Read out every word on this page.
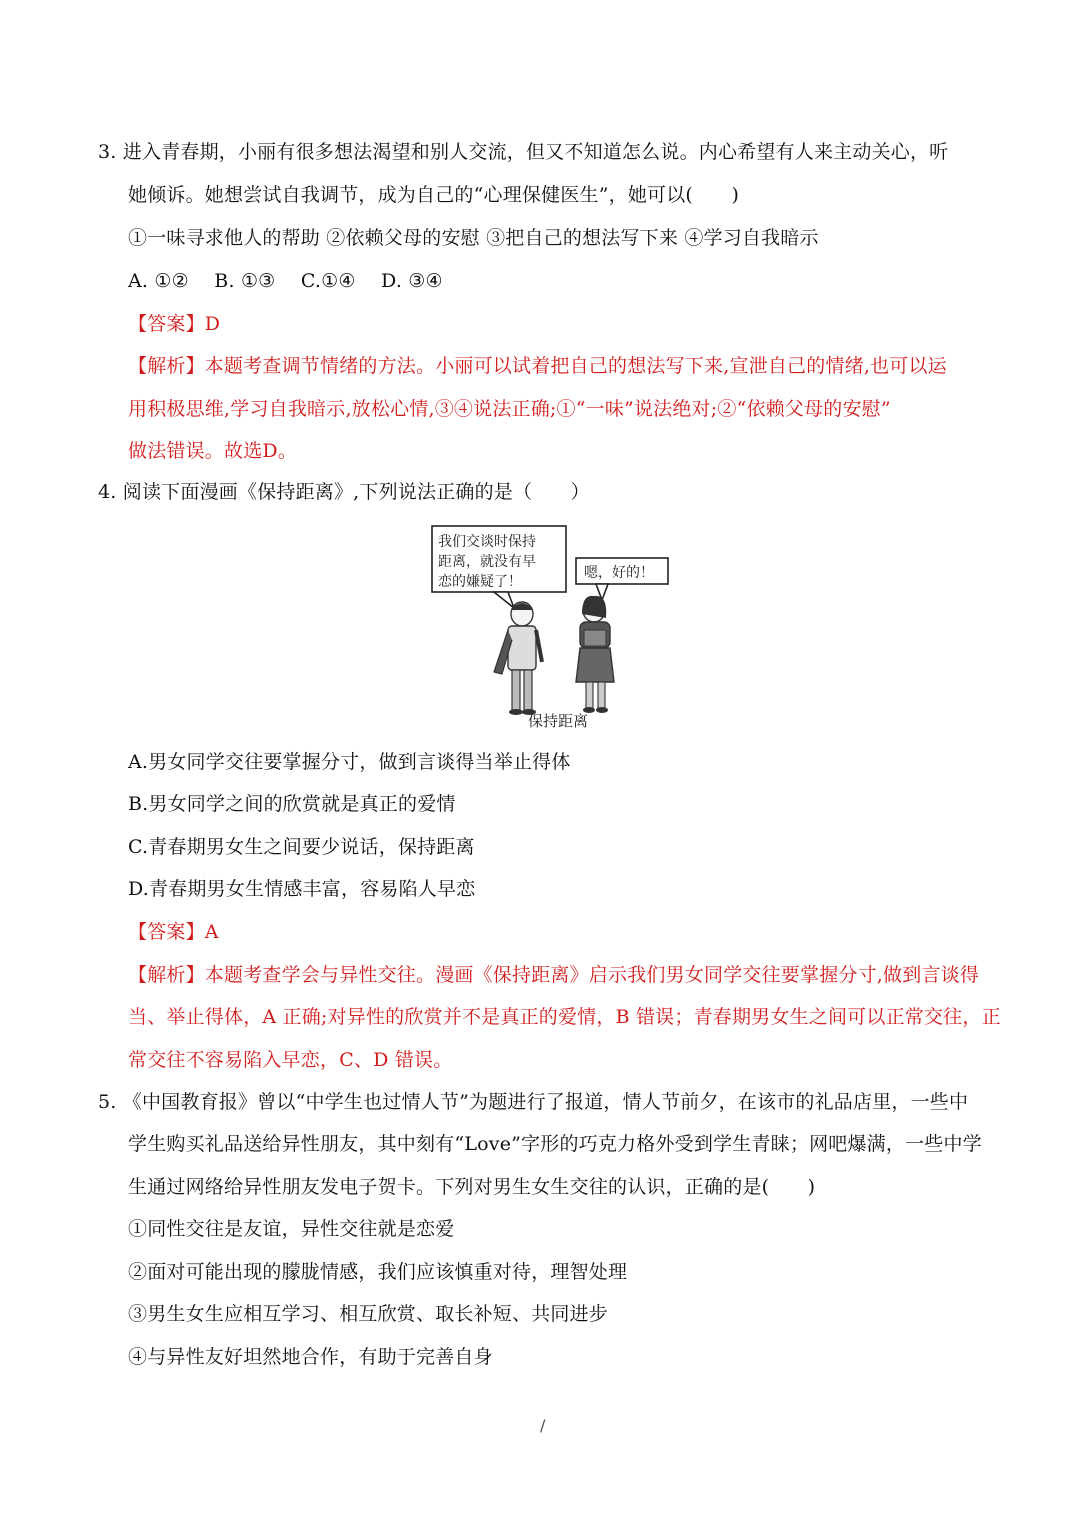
3. 进入青春期，小丽有很多想法渴望和别人交流，但又不知道怎么说。内心希望有人来主动关心，听
她倾诉。她想尝试自我调节，成为自己的“心理保健医生”，她可以(　　)
①一味寻求他人的帮助 ②依赖父母的安慰 ③把自己的想法写下来 ④学习自我暗示
A. ①②　 B. ①③　 C.①④　 D. ③④
【答案】D
【解析】本题考查调节情绪的方法。小丽可以试着把自己的想法写下来,宣泄自己的情绪,也可以运
用积极思维,学习自我暗示,放松心情,③④说法正确;①“一味”说法绝对;②“依赖父母的安慰”
做法错误。故选D。
4. 阅读下面漫画《保持距离》,下列说法正确的是（　　）
我们交谈时保持
距离，就没有早
恋的嫌疑了！
嗯，好的！
保持距离
A.男女同学交往要掌握分寸，做到言谈得当举止得体
B.男女同学之间的欣赏就是真正的爱情
C.青春期男女生之间要少说话，保持距离
D.青春期男女生情感丰富，容易陷人早恋
【答案】A
【解析】本题考查学会与异性交往。漫画《保持距离》启示我们男女同学交往要掌握分寸,做到言谈得
当、举止得体，A 正确;对异性的欣赏并不是真正的爱情，B 错误；青春期男女生之间可以正常交往，正
常交往不容易陷入早恋，C、D 错误。
5. 《中国教育报》曾以“中学生也过情人节”为题进行了报道，情人节前夕，在该市的礼品店里，一些中
学生购买礼品送给异性朋友，其中刻有“Love”字形的巧克力格外受到学生青睐；网吧爆满，一些中学
生通过网络给异性朋友发电子贺卡。下列对男生女生交往的认识，正确的是(　　)
①同性交往是友谊，异性交往就是恋爱
②面对可能出现的朦胧情感，我们应该慎重对待，理智处理
③男生女生应相互学习、相互欣赏、取长补短、共同进步
④与异性友好坦然地合作，有助于完善自身
/
